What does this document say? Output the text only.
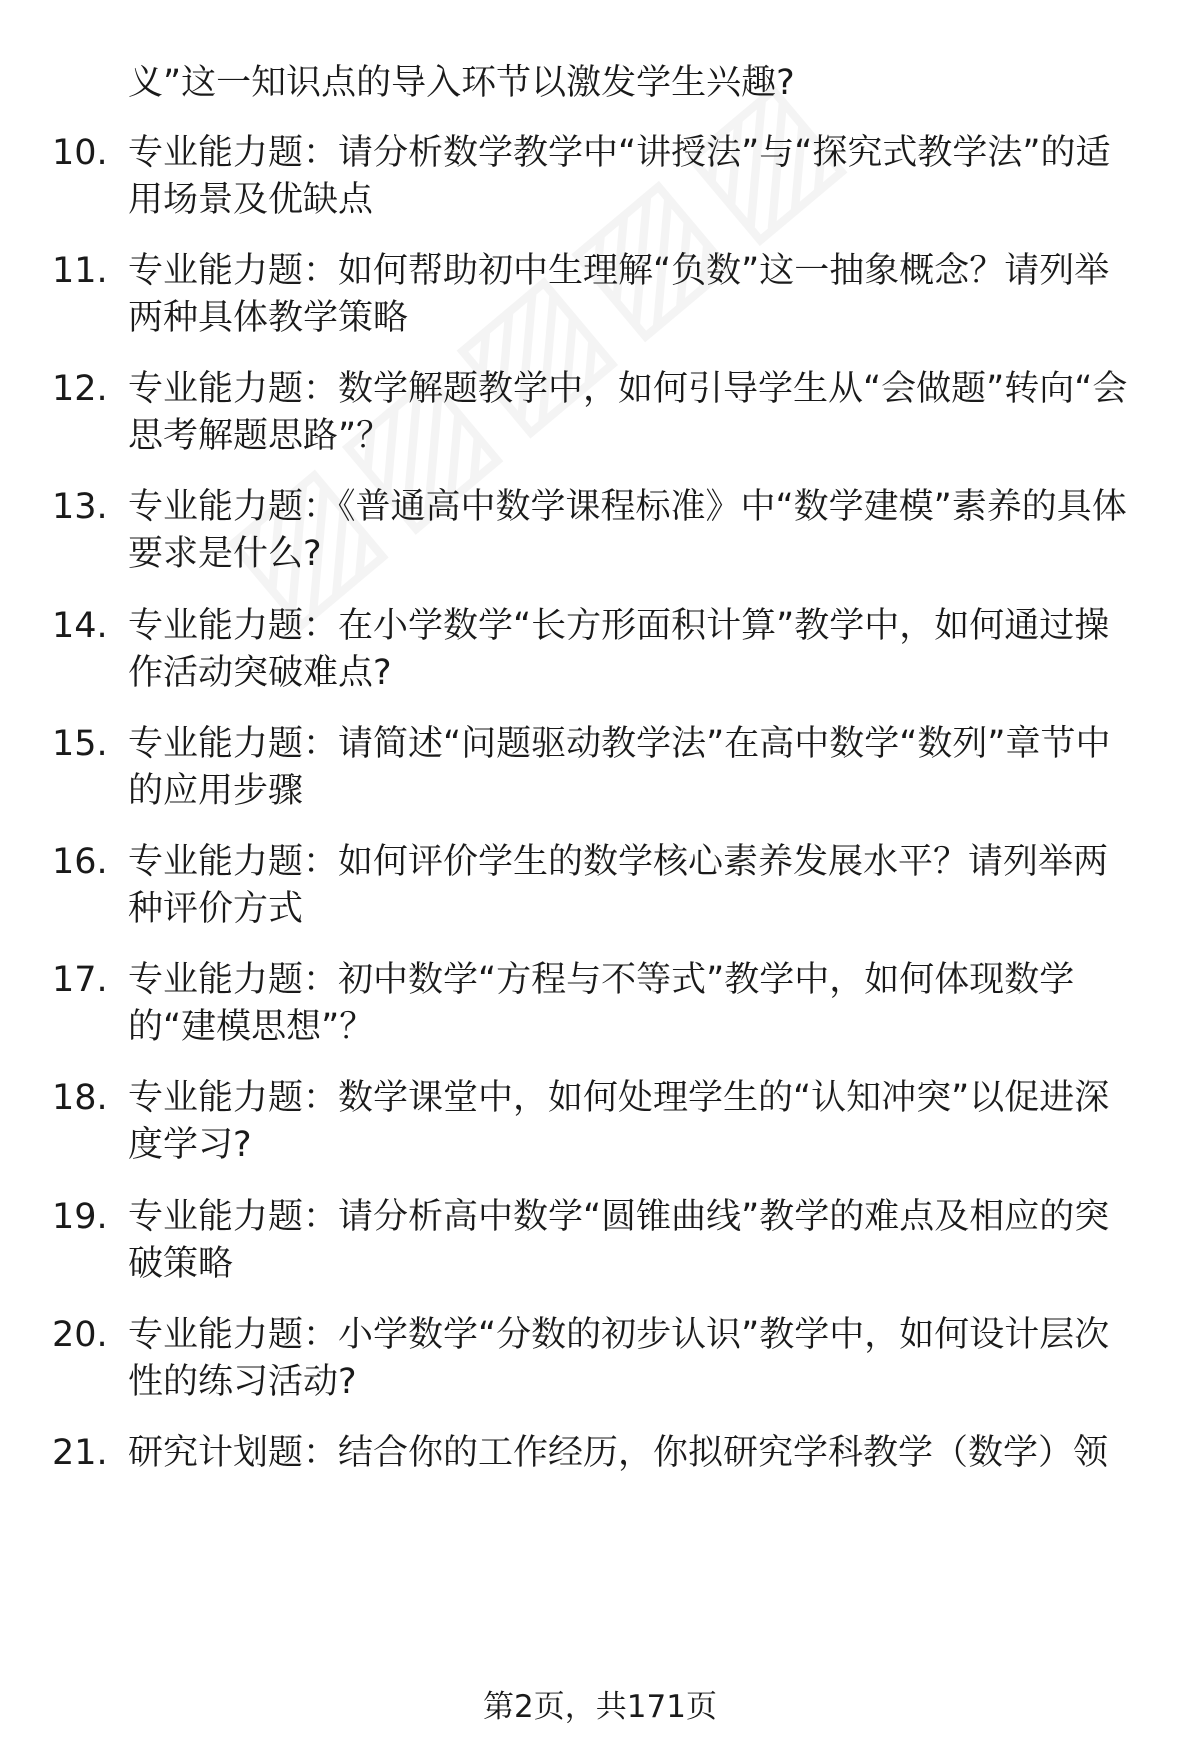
义”这一知识点的导入环节以激发学生兴趣?
10. 专业能力题：请分析数学教学中“讲授法”与“探究式教学法”的适用场景及优缺点
11. 专业能力题：如何帮助初中生理解“负数”这一抽象概念？请列举两种具体教学策略
12. 专业能力题：数学解题教学中，如何引导学生从“会做题”转向“会思考解题思路”？
13. 专业能力题：《普通高中数学课程标准》中“数学建模”素养的具体要求是什么?
14. 专业能力题：在小学数学“长方形面积计算”教学中，如何通过操作活动突破难点?
15. 专业能力题：请简述“问题驱动教学法”在高中数学“数列”章节中的应用步骤
16. 专业能力题：如何评价学生的数学核心素养发展水平？请列举两种评价方式
17. 专业能力题：初中数学“方程与不等式”教学中，如何体现数学的“建模思想”？
18. 专业能力题：数学课堂中，如何处理学生的“认知冲突”以促进深度学习?
19. 专业能力题：请分析高中数学“圆锥曲线”教学的难点及相应的突破策略
20. 专业能力题：小学数学“分数的初步认识”教学中，如何设计层次性的练习活动?
21. 研究计划题：结合你的工作经历，你拟研究学科教学（数学）领
第2页，共171页
